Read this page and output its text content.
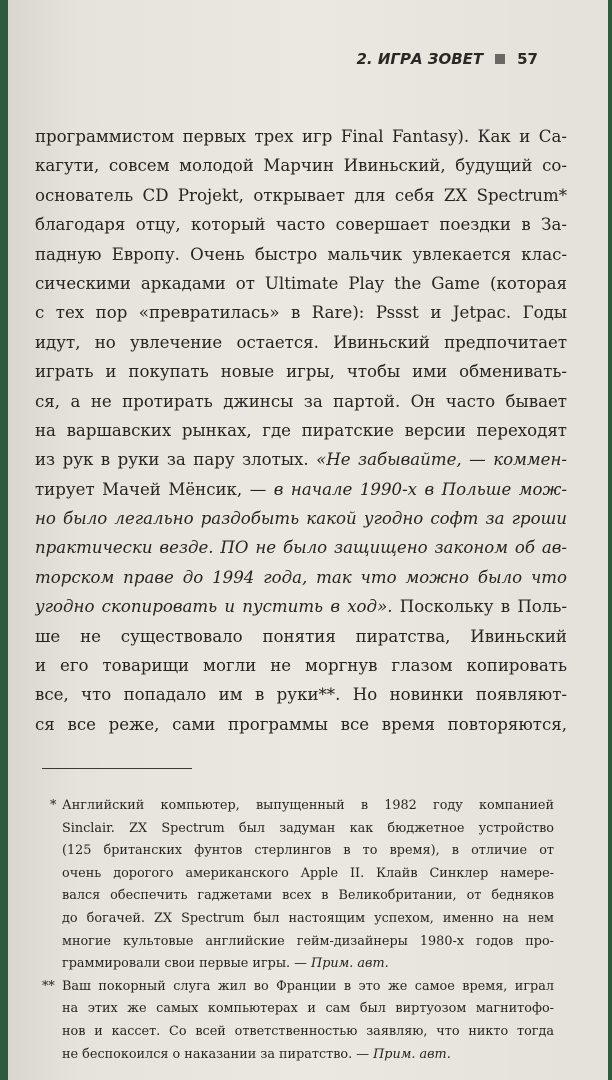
2. ИГРА ЗОВЕТ 57
программистом первых трех игр Final Fantasy). Как и Са-
кагути, совсем молодой Марчин Ивиньский, будущий со-
основатель CD Projekt, открывает для себя ZX Spectrum*
благодаря отцу, который часто совершает поездки в За-
падную Европу. Очень быстро мальчик увлекается клас-
сическими аркадами от Ultimate Play the Game (которая
с тех пор «превратилась» в Rare): Pssst и Jetpac. Годы
идут, но увлечение остается. Ивиньский предпочитает
играть и покупать новые игры, чтобы ими обменивать-
ся, а не протирать джинсы за партой. Он часто бывает
на варшавских рынках, где пиратские версии переходят
из рук в руки за пару злотых. «Не забывайте, — коммен-
тирует Мачей Мёнсик, — в начале 1990-х в Польше мож-
но было легально раздобыть какой угодно софт за гроши
практически везде. ПО не было защищено законом об ав-
торском праве до 1994 года, так что можно было что
угодно скопировать и пустить в ход». Поскольку в Поль-
ше не существовало понятия пиратства, Ивиньский
и его товарищи могли не моргнув глазом копировать
все, что попадало им в руки**. Но новинки появляют-
ся все реже, сами программы все время повторяются,
* Английский компьютер, выпущенный в 1982 году компанией
Sinclair. ZX Spectrum был задуман как бюджетное устройство
(125 британских фунтов стерлингов в то время), в отличие от
очень дорогого американского Apple II. Клайв Синклер намере-
вался обеспечить гаджетами всех в Великобритании, от бедняков
до богачей. ZX Spectrum был настоящим успехом, именно на нем
многие культовые английские гейм-дизайнеры 1980-х годов про-
граммировали свои первые игры. — Прим. авт.
** Ваш покорный слуга жил во Франции в это же самое время, играл
на этих же самых компьютерах и сам был виртуозом магнитофо-
нов и кассет. Со всей ответственностью заявляю, что никто тогда
не беспокоился о наказании за пиратство. — Прим. авт.
